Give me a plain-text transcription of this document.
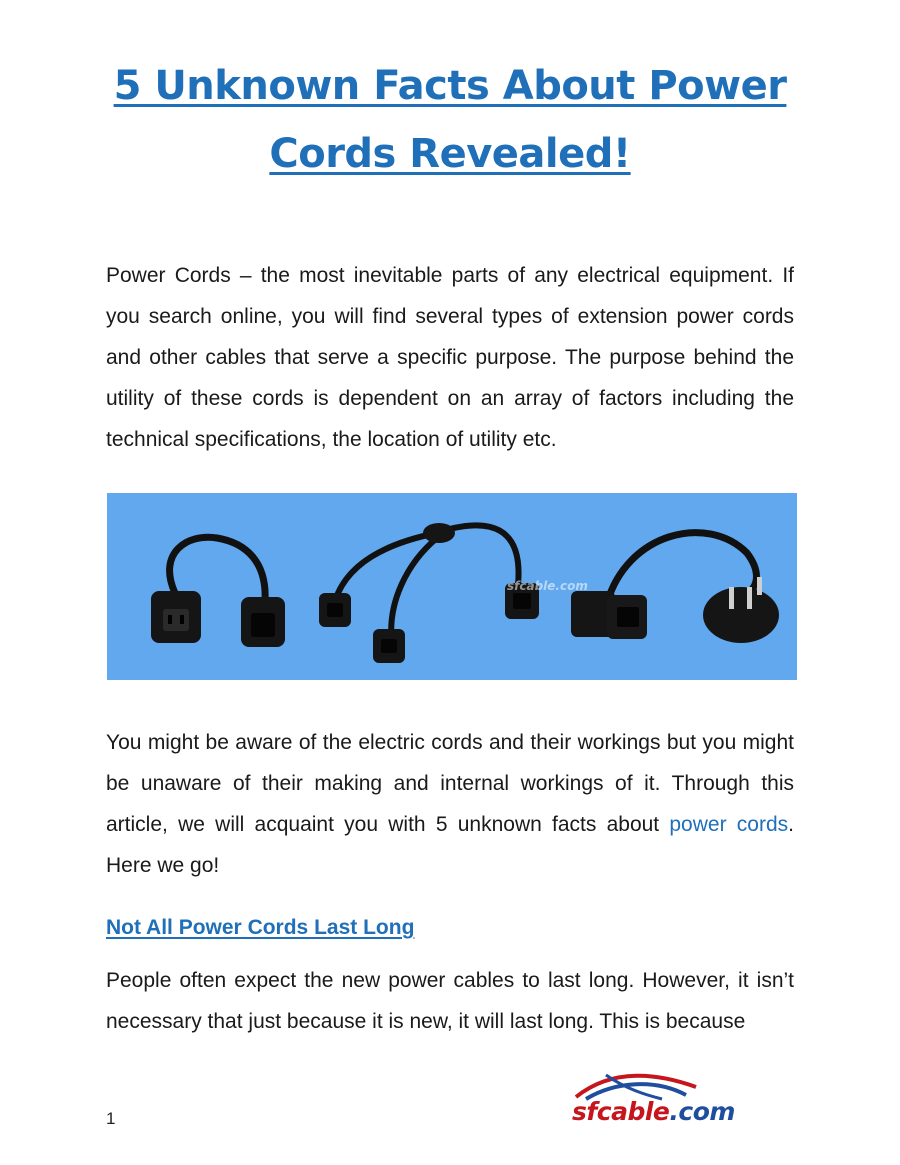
5 Unknown Facts About Power
Cords Revealed!

Power Cords – the most inevitable parts of any electrical equipment. If you search online, you will find several types of extension power cords and other cables that serve a specific purpose. The purpose behind the utility of these cords is dependent on an array of factors including the technical specifications, the location of utility etc.

sfcable.com

You might be aware of the electric cords and their workings but you might be unaware of their making and internal workings of it. Through this article, we will acquaint you with 5 unknown facts about power cords. Here we go!

Not All Power Cords Last Long

People often expect the new power cables to last long. However, it isn’t necessary that just because it is new, it will last long. This is because

1	sfcable.com
